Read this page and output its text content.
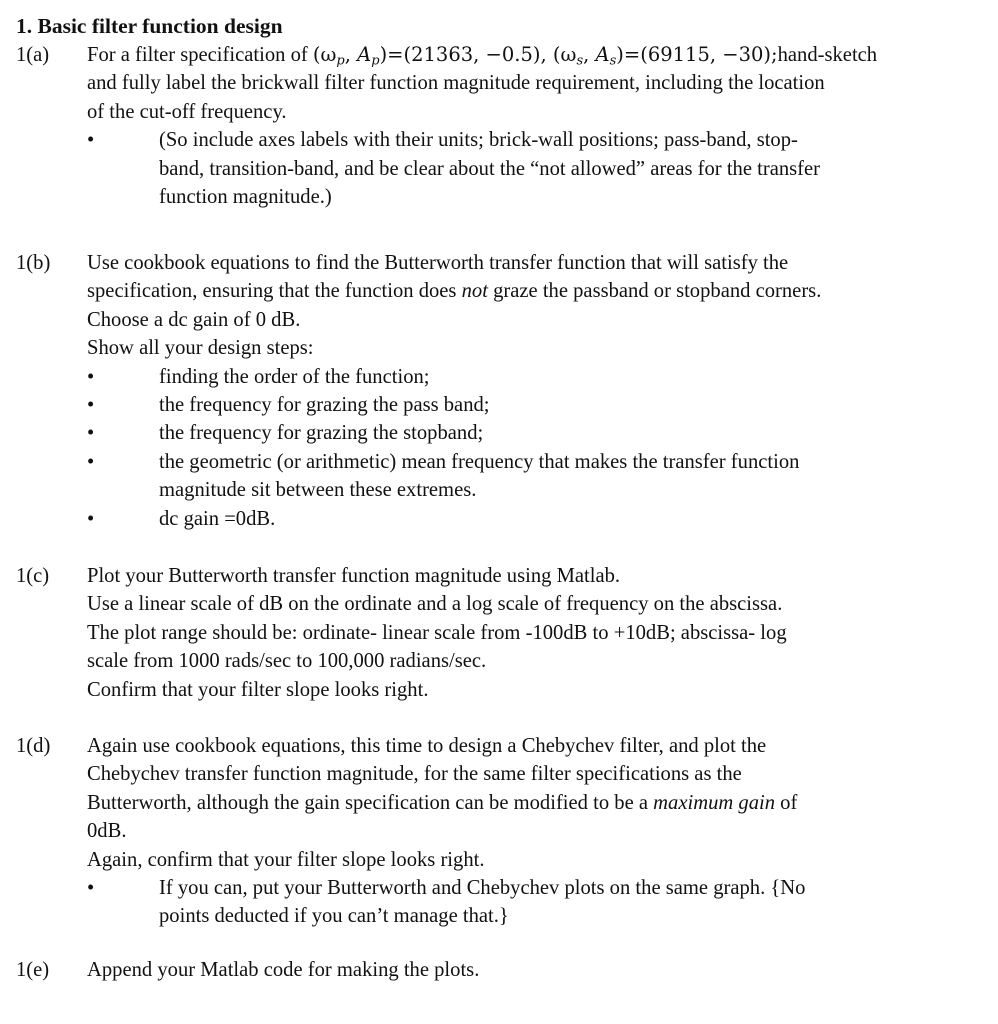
1. Basic filter function design
1(a)	For a filter specification of ($\omega_p$, $A_p)=(21363$, −0.5), ($\omega_s$, $A_s)=(69115$, −30);hand-sketch
and fully label the brickwall filter function magnitude requirement, including the location
of the cut-off frequency.
•	(So include axes labels with their units; brick-wall positions; pass-band, stop-
band, transition-band, and be clear about the “not allowed” areas for the transfer
function magnitude.)
1(b)	Use cookbook equations to find the Butterworth transfer function that will satisfy the
specification, ensuring that the function does not graze the passband or stopband corners.
Choose a dc gain of 0 dB.
Show all your design steps:
•	finding the order of the function;
•	the frequency for grazing the pass band;
•	the frequency for grazing the stopband;
•	the geometric (or arithmetic) mean frequency that makes the transfer function
magnitude sit between these extremes.
•	dc gain =0dB.
1(c)	Plot your Butterworth transfer function magnitude using Matlab.
Use a linear scale of dB on the ordinate and a log scale of frequency on the abscissa.
The plot range should be: ordinate- linear scale from -100dB to +10dB; abscissa- log
scale from 1000 rads/sec to 100,000 radians/sec.
Confirm that your filter slope looks right.
1(d)	Again use cookbook equations, this time to design a Chebychev filter, and plot the
Chebychev transfer function magnitude, for the same filter specifications as the
Butterworth, although the gain specification can be modified to be a maximum gain of
0dB.
Again, confirm that your filter slope looks right.
•	If you can, put your Butterworth and Chebychev plots on the same graph. {No
points deducted if you can’t manage that.}
1(e)	Append your Matlab code for making the plots.
